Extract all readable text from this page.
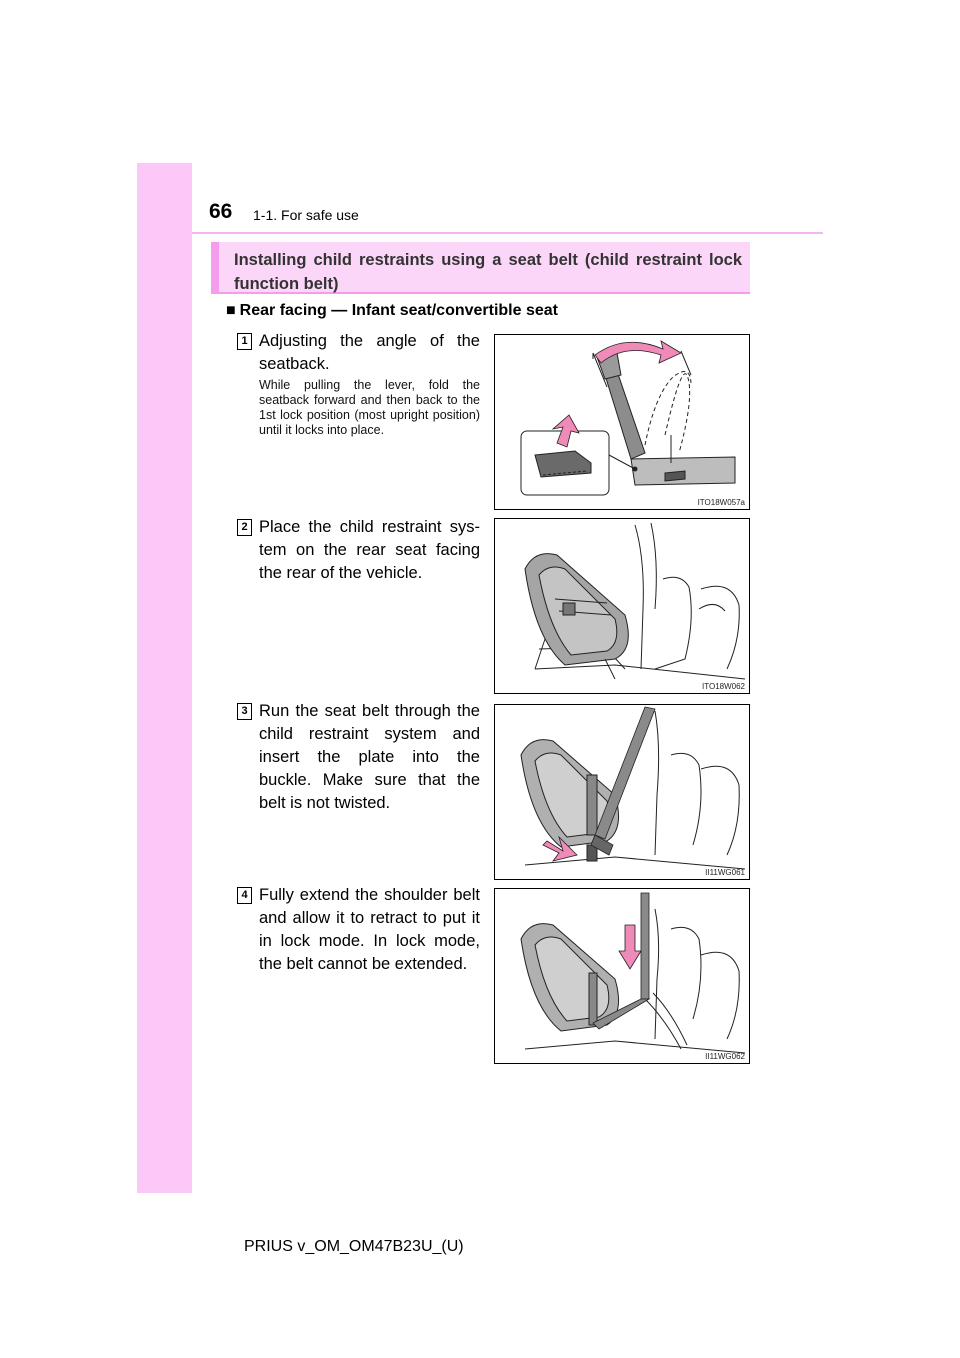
66 1-1. For safe use
Installing child restraints using a seat belt (child restraint lock function belt)
■ Rear facing — Infant seat/convertible seat
1 Adjusting the angle of the seatback.
While pulling the lever, fold the seatback forward and then back to the 1st lock position (most upright position) until it locks into place.
ITO18W057a
2 Place the child restraint sys-tem on the rear seat facing the rear of the vehicle.
ITO18W062
3 Run the seat belt through the child restraint system and insert the plate into the buckle. Make sure that the belt is not twisted.
II11WG061
4 Fully extend the shoulder belt and allow it to retract to put it in lock mode. In lock mode, the belt cannot be extended.
II11WG062
PRIUS v_OM_OM47B23U_(U)
